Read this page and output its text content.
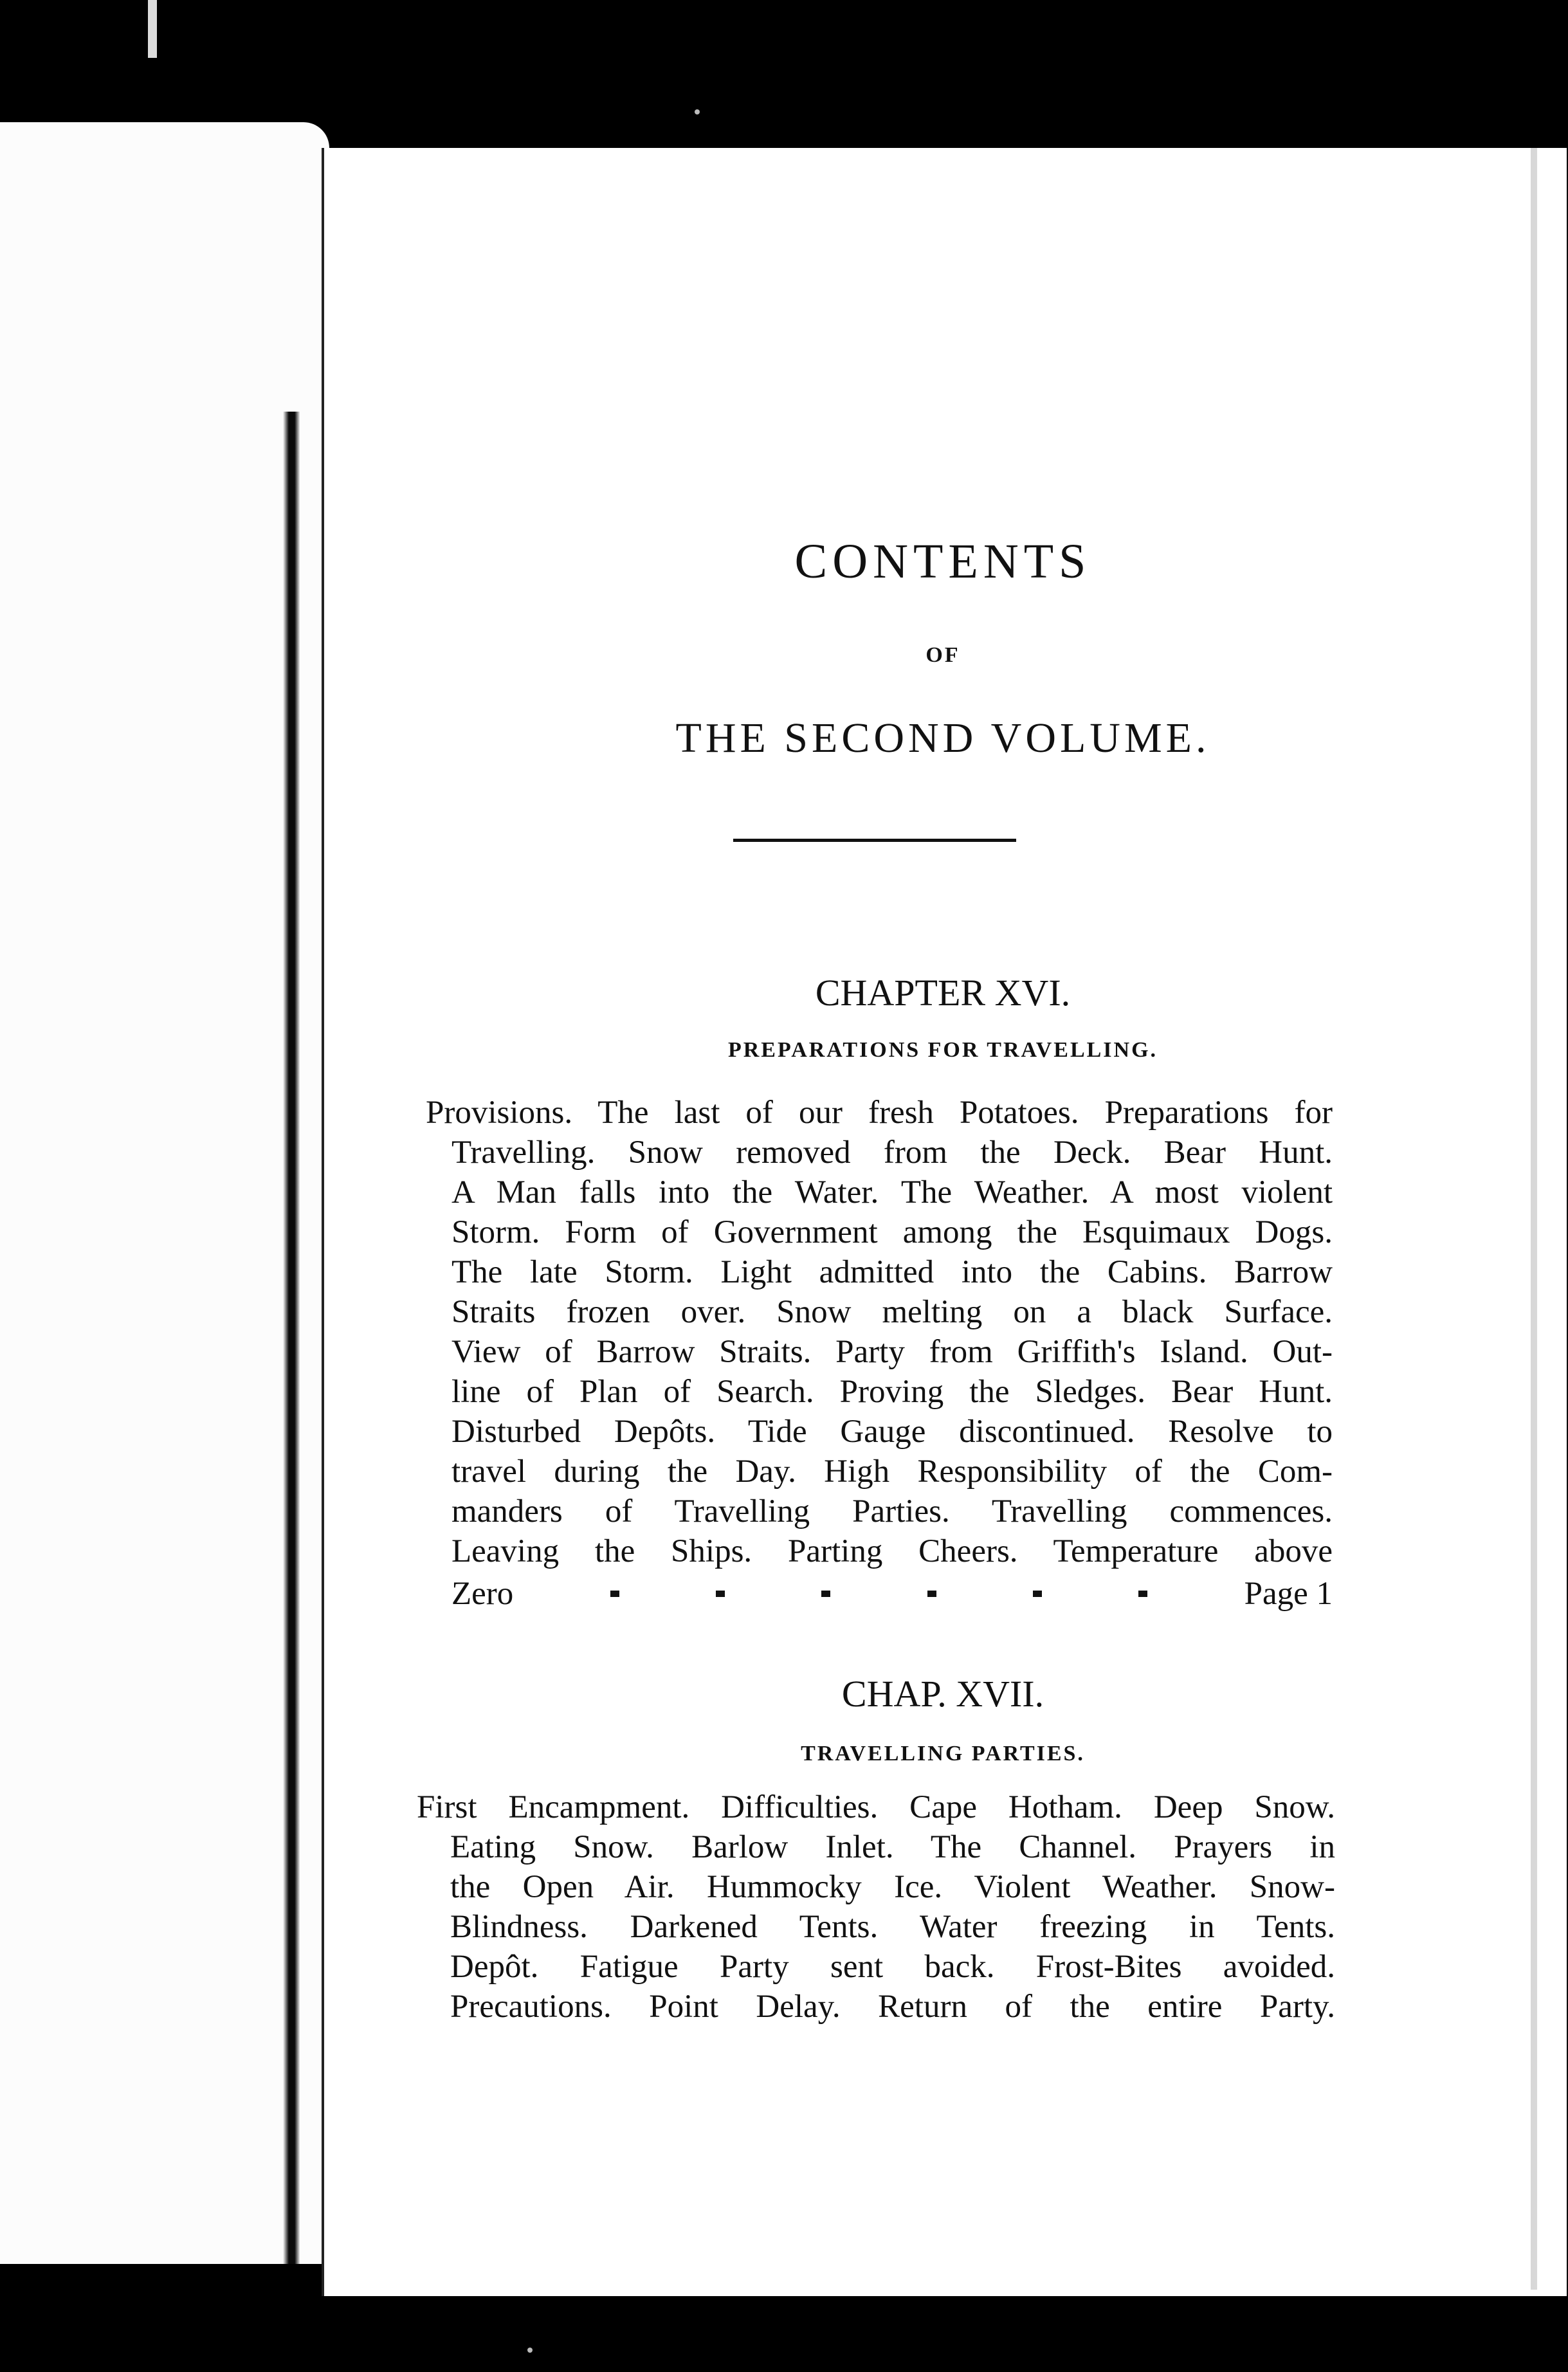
CONTENTS
OF
THE SECOND VOLUME.
CHAPTER XVI.
PREPARATIONS FOR TRAVELLING.
Provisions. The last of our fresh Potatoes. Preparations for
Travelling. Snow removed from the Deck. Bear Hunt.
A Man falls into the Water. The Weather. A most violent
Storm. Form of Government among the Esquimaux Dogs.
The late Storm. Light admitted into the Cabins. Barrow
Straits frozen over. Snow melting on a black Surface.
View of Barrow Straits. Party from Griffith's Island. Out-
line of Plan of Search. Proving the Sledges. Bear Hunt.
Disturbed Depôts. Tide Gauge discontinued. Resolve to
travel during the Day. High Responsibility of the Com-
manders of Travelling Parties. Travelling commences.
Leaving the Ships. Parting Cheers. Temperature above
Zero	Page 1
CHAP. XVII.
TRAVELLING PARTIES.
First Encampment. Difficulties. Cape Hotham. Deep Snow.
Eating Snow. Barlow Inlet. The Channel. Prayers in
the Open Air. Hummocky Ice. Violent Weather. Snow-
Blindness. Darkened Tents. Water freezing in Tents.
Depôt. Fatigue Party sent back. Frost-Bites avoided.
Precautions. Point Delay. Return of the entire Party.
